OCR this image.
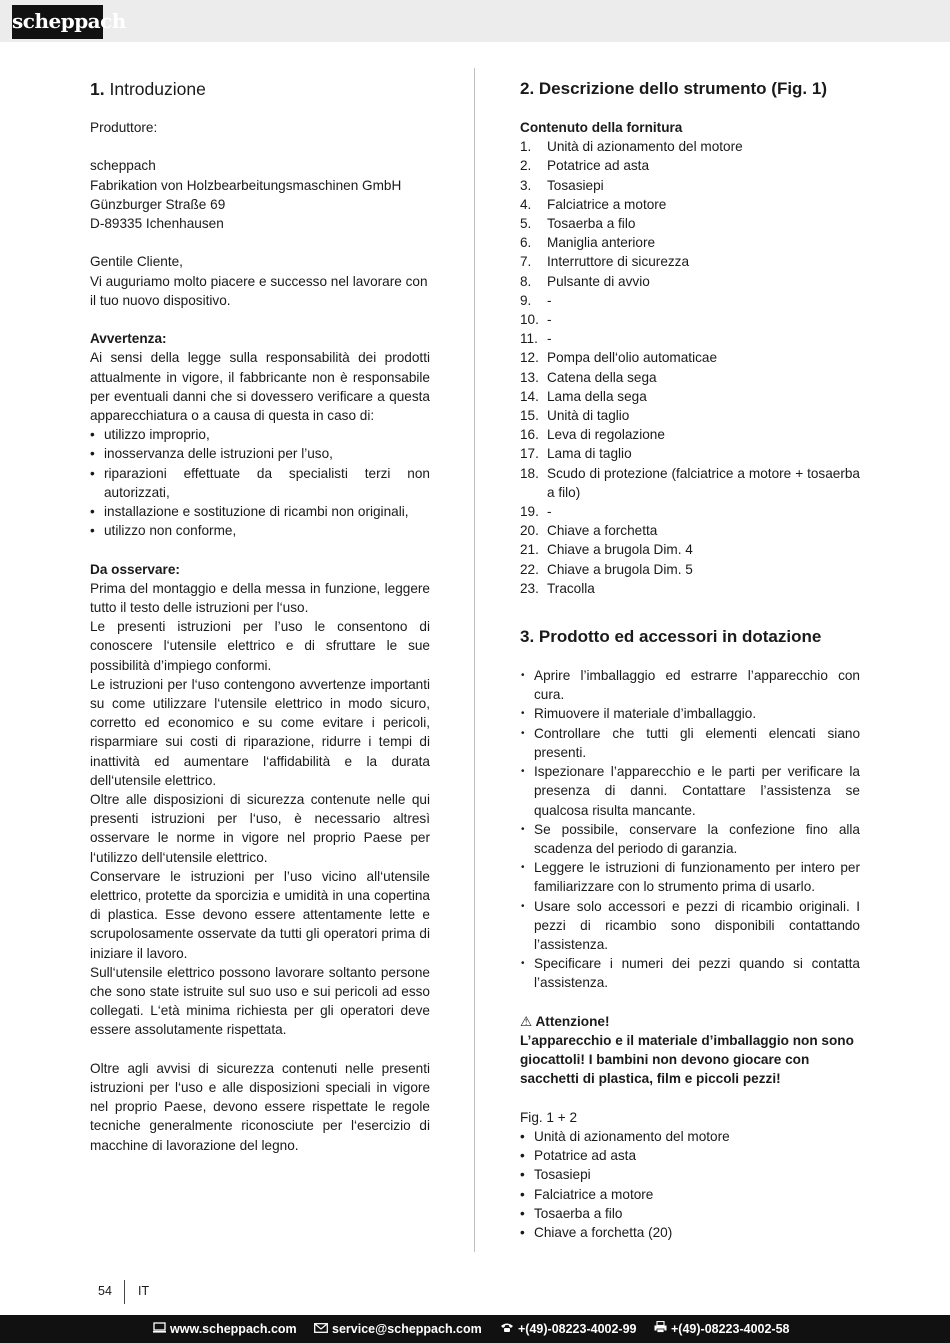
scheppach
1. Introduzione

Produttore:

scheppach

Fabrikation von Holzbearbeitungsmaschinen GmbH

Günzburger Straße 69

D-89335 Ichenhausen

Gentile Cliente,

Vi auguriamo molto piacere e successo nel lavorare con il tuo nuovo dispositivo.

Avvertenza:

Ai sensi della legge sulla responsabilità dei prodotti attualmente in vigore, il fabbricante non è responsabile per eventuali danni che si dovessero verificare a questa apparecchiatura o a causa di questa in caso di:

• utilizzo improprio,
• inosservanza delle istruzioni per l’uso,
• riparazioni effettuate da specialisti terzi non autorizzati,
• installazione e sostituzione di ricambi non originali,
• utilizzo non conforme,

Da osservare:

Prima del montaggio e della messa in funzione, leggere tutto il testo delle istruzioni per l‘uso.

Le presenti istruzioni per l’uso le consentono di conoscere l‘utensile elettrico e di sfruttare le sue possibilità d’impiego conformi.

Le istruzioni per l‘uso contengono avvertenze importanti su come utilizzare l‘utensile elettrico in modo sicuro, corretto ed economico e su come evitare i pericoli, risparmiare sui costi di riparazione, ridurre i tempi di inattività ed aumentare l‘affidabilità e la durata dell‘utensile elettrico.

Oltre alle disposizioni di sicurezza contenute nelle qui presenti istruzioni per l‘uso, è necessario altresì osservare le norme in vigore nel proprio Paese per l‘utilizzo dell‘utensile elettrico.

Conservare le istruzioni per l’uso vicino all‘utensile elettrico, protette da sporcizia e umidità in una copertina di plastica. Esse devono essere attentamente lette e scrupolosamente osservate da tutti gli operatori prima di iniziare il lavoro.

Sull‘utensile elettrico possono lavorare soltanto persone che sono state istruite sul suo uso e sui pericoli ad esso collegati. L‘età minima richiesta per gli operatori deve essere assolutamente rispettata.

Oltre agli avvisi di sicurezza contenuti nelle presenti istruzioni per l‘uso e alle disposizioni speciali in vigore nel proprio Paese, devono essere rispettate le regole tecniche generalmente riconosciute per l‘esercizio di macchine di lavorazione del legno.

2. Descrizione dello strumento (Fig. 1)

Contenuto della fornitura

1.	Unità di azionamento del motore
2.	Potatrice ad asta
3.	Tosasiepi
4.	Falciatrice a motore
5.	Tosaerba a filo
6.	Maniglia anteriore
7.	Interruttore di sicurezza
8.	Pulsante di avvio
9.	-
10. -
11. -
12. Pompa dell‘olio automaticae
13. Catena della sega
14. Lama della sega
15. Unità di taglio
16. Leva di regolazione
17. Lama di taglio
18. Scudo di protezione (falciatrice a motore + tosaerba a filo)
19. -
20. Chiave a forchetta
21. Chiave a brugola Dim. 4
22. Chiave a brugola Dim. 5
23. Tracolla
3. Prodotto ed accessori in dotazione
• Aprire l’imballaggio ed estrarre l’apparecchio con cura.
• Rimuovere il materiale d’imballaggio.
• Controllare che tutti gli elementi elencati siano presenti.
• Ispezionare l’apparecchio e le parti per verificare la presenza di danni. Contattare l’assistenza se qualcosa risulta mancante.
• Se possibile, conservare la confezione fino alla scadenza del periodo di garanzia.
• Leggere le istruzioni di funzionamento per intero per familiarizzare con lo strumento prima di usarlo.
• Usare solo accessori e pezzi di ricambio originali. I pezzi di ricambio sono disponibili contattando l’assistenza.
• Specificare i numeri dei pezzi quando si contatta l’assistenza.

⚠ Attenzione!

L’apparecchio e il materiale d’imballaggio non sono giocattoli! I bambini non devono giocare con sacchetti di plastica, film e piccoli pezzi!

Fig. 1 + 2

• Unità di azionamento del motore
• Potatrice ad asta
• Tosasiepi
• Falciatrice a motore
• Tosaerba a filo
• Chiave a forchetta (20)
54 IT
www.scheppach.com	service@scheppach.com	+(49)-08223-4002-99	+(49)-08223-4002-58
